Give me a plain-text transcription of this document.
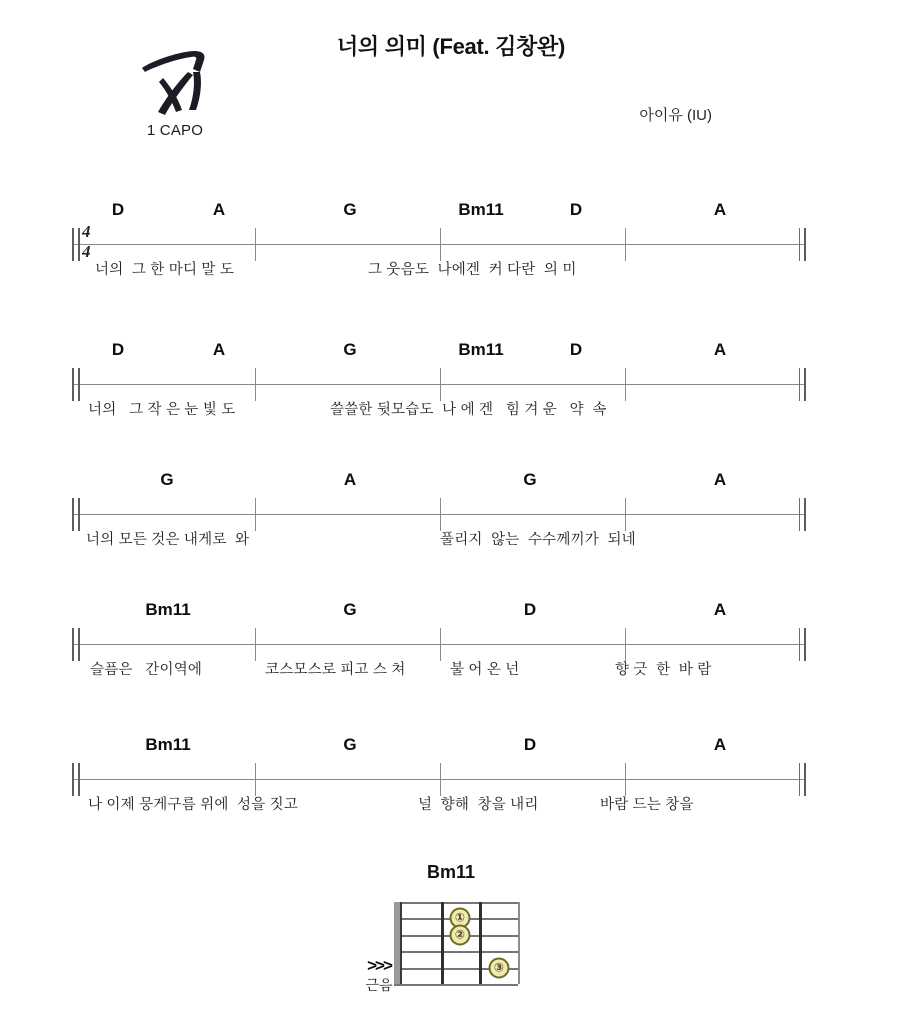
너의 의미 (Feat. 김창완)
아이유 (IU)
1 CAPO
D	A	G	Bm11	D	A
4
4
너의  그 한 마디 말 도	그 웃음도  나에겐  커 다란  의 미
D	A	G	Bm11	D	A
너의   그 작 은 눈 빛 도	쓸쓸한 뒷모습도  나 에 겐   힘 겨 운   약  속
G	A	G	A
너의 모든 것은 내게로  와	풀리지  않는  수수께끼가  되네
Bm11	G	D	A
슬픔은   간이역에	코스모스로 피고 스 쳐	불 어 온 넌	향 긋  한  바 람
Bm11	G	D	A
나 이제 뭉게구름 위에  성을 짓고	널  향해  창을 내리	바람 드는 창을
Bm11
①
②
③
>>>
근음
